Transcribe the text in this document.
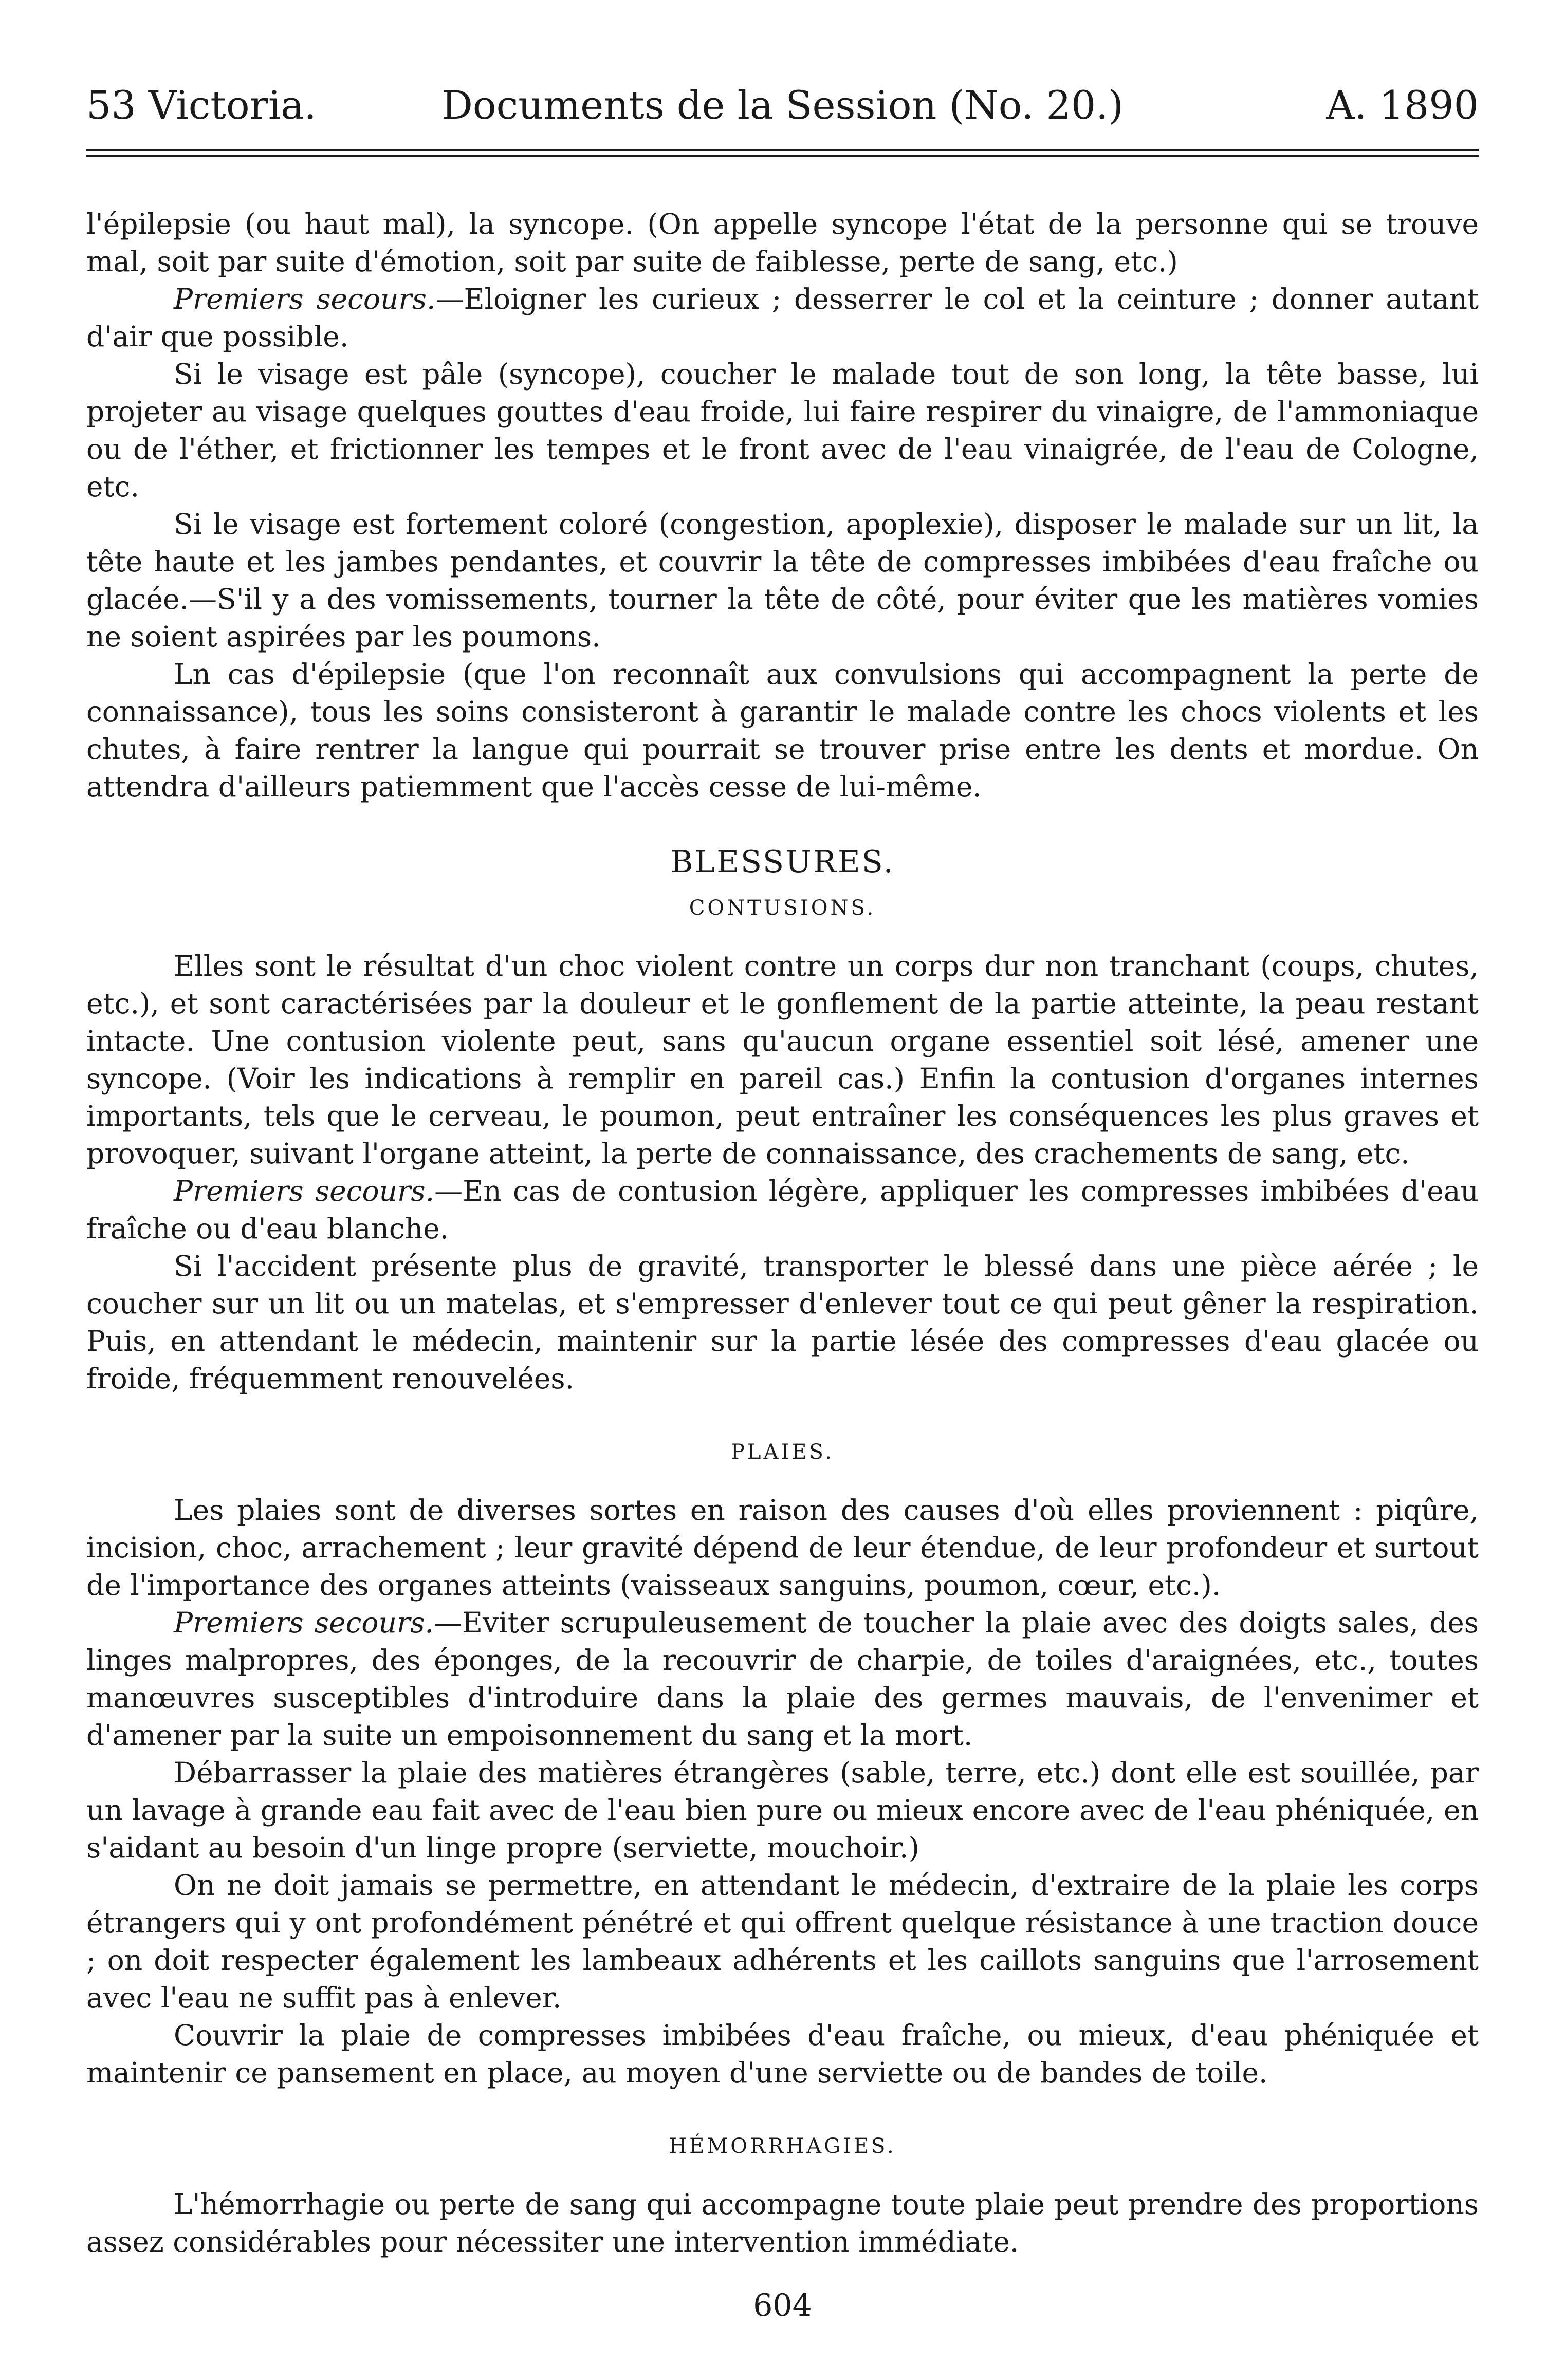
53 Victoria.	Documents de la Session (No. 20.)	A. 1890

l'épilepsie (ou haut mal), la syncope. (On appelle syncope l'état de la personne qui se trouve mal, soit par suite d'émotion, soit par suite de faiblesse, perte de sang, etc.)

Premiers secours.—Eloigner les curieux ; desserrer le col et la ceinture ; donner autant d'air que possible.

Si le visage est pâle (syncope), coucher le malade tout de son long, la tête basse, lui projeter au visage quelques gouttes d'eau froide, lui faire respirer du vinaigre, de l'ammoniaque ou de l'éther, et frictionner les tempes et le front avec de l'eau vinaigrée, de l'eau de Cologne, etc.

Si le visage est fortement coloré (congestion, apoplexie), disposer le malade sur un lit, la tête haute et les jambes pendantes, et couvrir la tête de compresses imbibées d'eau fraîche ou glacée.—S'il y a des vomissements, tourner la tête de côté, pour éviter que les matières vomies ne soient aspirées par les poumons.

Ln cas d'épilepsie (que l'on reconnaît aux convulsions qui accompagnent la perte de connaissance), tous les soins consisteront à garantir le malade contre les chocs violents et les chutes, à faire rentrer la langue qui pourrait se trouver prise entre les dents et mordue. On attendra d'ailleurs patiemment que l'accès cesse de lui-même.

BLESSURES.

CONTUSIONS.

Elles sont le résultat d'un choc violent contre un corps dur non tranchant (coups, chutes, etc.), et sont caractérisées par la douleur et le gonflement de la partie atteinte, la peau restant intacte. Une contusion violente peut, sans qu'aucun organe essentiel soit lésé, amener une syncope. (Voir les indications à remplir en pareil cas.) Enfin la contusion d'organes internes importants, tels que le cerveau, le poumon, peut entraîner les conséquences les plus graves et provoquer, suivant l'organe atteint, la perte de connaissance, des crachements de sang, etc.

Premiers secours.—En cas de contusion légère, appliquer les compresses imbibées d'eau fraîche ou d'eau blanche.

Si l'accident présente plus de gravité, transporter le blessé dans une pièce aérée ; le coucher sur un lit ou un matelas, et s'empresser d'enlever tout ce qui peut gêner la respiration. Puis, en attendant le médecin, maintenir sur la partie lésée des compresses d'eau glacée ou froide, fréquemment renouvelées.

PLAIES.

Les plaies sont de diverses sortes en raison des causes d'où elles proviennent : piqûre, incision, choc, arrachement ; leur gravité dépend de leur étendue, de leur profondeur et surtout de l'importance des organes atteints (vaisseaux sanguins, poumon, cœur, etc.).

Premiers secours.—Eviter scrupuleusement de toucher la plaie avec des doigts sales, des linges malpropres, des éponges, de la recouvrir de charpie, de toiles d'araignées, etc., toutes manœuvres susceptibles d'introduire dans la plaie des germes mauvais, de l'envenimer et d'amener par la suite un empoisonnement du sang et la mort.

Débarrasser la plaie des matières étrangères (sable, terre, etc.) dont elle est souillée, par un lavage à grande eau fait avec de l'eau bien pure ou mieux encore avec de l'eau phéniquée, en s'aidant au besoin d'un linge propre (serviette, mouchoir.)

On ne doit jamais se permettre, en attendant le médecin, d'extraire de la plaie les corps étrangers qui y ont profondément pénétré et qui offrent quelque résistance à une traction douce ; on doit respecter également les lambeaux adhérents et les caillots sanguins que l'arrosement avec l'eau ne suffit pas à enlever.

Couvrir la plaie de compresses imbibées d'eau fraîche, ou mieux, d'eau phéniquée et maintenir ce pansement en place, au moyen d'une serviette ou de bandes de toile.

HÉMORRHAGIES.

L'hémorrhagie ou perte de sang qui accompagne toute plaie peut prendre des proportions assez considérables pour nécessiter une intervention immédiate.

604
